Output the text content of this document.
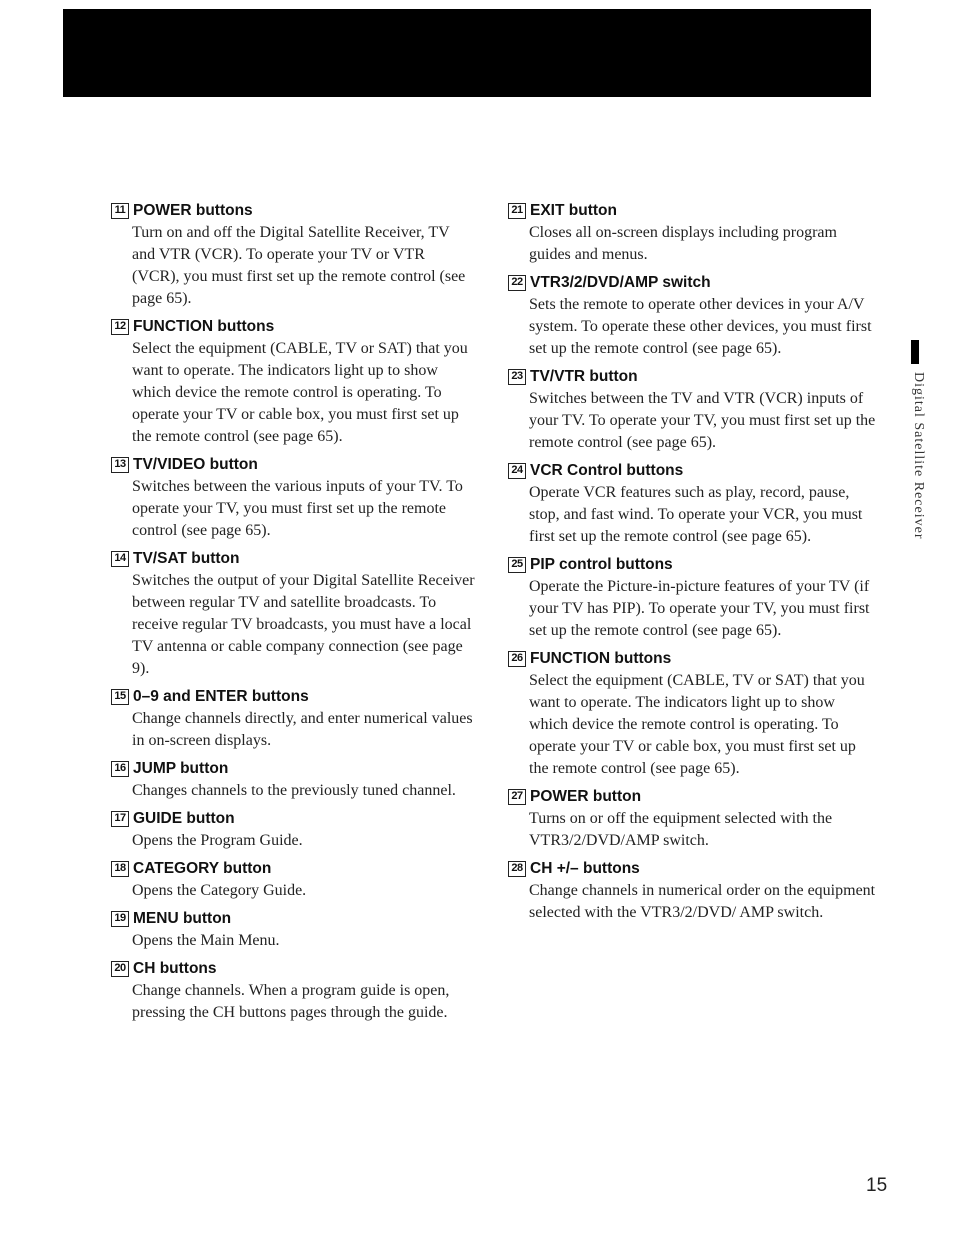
11 POWER buttons
Turn on and off the Digital Satellite Receiver, TV and VTR (VCR). To operate your TV or VTR (VCR), you must first set up the remote control (see page 65).
12 FUNCTION buttons
Select the equipment (CABLE, TV or SAT) that you want to operate. The indicators light up to show which device the remote control is operating. To operate your TV or cable box, you must first set up the remote control (see page 65).
13 TV/VIDEO button
Switches between the various inputs of your TV. To operate your TV, you must first set up the remote control (see page 65).
14 TV/SAT button
Switches the output of your Digital Satellite Receiver between regular TV and satellite broadcasts. To receive regular TV broadcasts, you must have a local TV antenna or cable company connection (see page 9).
15 0–9 and ENTER buttons
Change channels directly, and enter numerical values in on-screen displays.
16 JUMP button
Changes channels to the previously tuned channel.
17 GUIDE button
Opens the Program Guide.
18 CATEGORY button
Opens the Category Guide.
19 MENU button
Opens the Main Menu.
20 CH buttons
Change channels. When a program guide is open, pressing the CH buttons pages through the guide.
21 EXIT button
Closes all on-screen displays including program guides and menus.
22 VTR3/2/DVD/AMP switch
Sets the remote to operate other devices in your A/V system. To operate these other devices, you must first set up the remote control (see page 65).
23 TV/VTR button
Switches between the TV and VTR (VCR) inputs of your TV. To operate your TV, you must first set up the remote control (see page 65).
24 VCR Control buttons
Operate VCR features such as play, record, pause, stop, and fast wind. To operate your VCR, you must first set up the remote control (see page 65).
25 PIP control buttons
Operate the Picture-in-picture features of your TV (if your TV has PIP). To operate your TV, you must first set up the remote control (see page 65).
26 FUNCTION buttons
Select the equipment (CABLE, TV or SAT) that you want to operate. The indicators light up to show which device the remote control is operating. To operate your TV or cable box, you must first set up the remote control (see page 65).
27 POWER button
Turns on or off the equipment selected with the VTR3/2/DVD/AMP switch.
28 CH +/– buttons
Change channels in numerical order on the equipment selected with the VTR3/2/DVD/ AMP switch.
Digital Satellite Receiver
15
